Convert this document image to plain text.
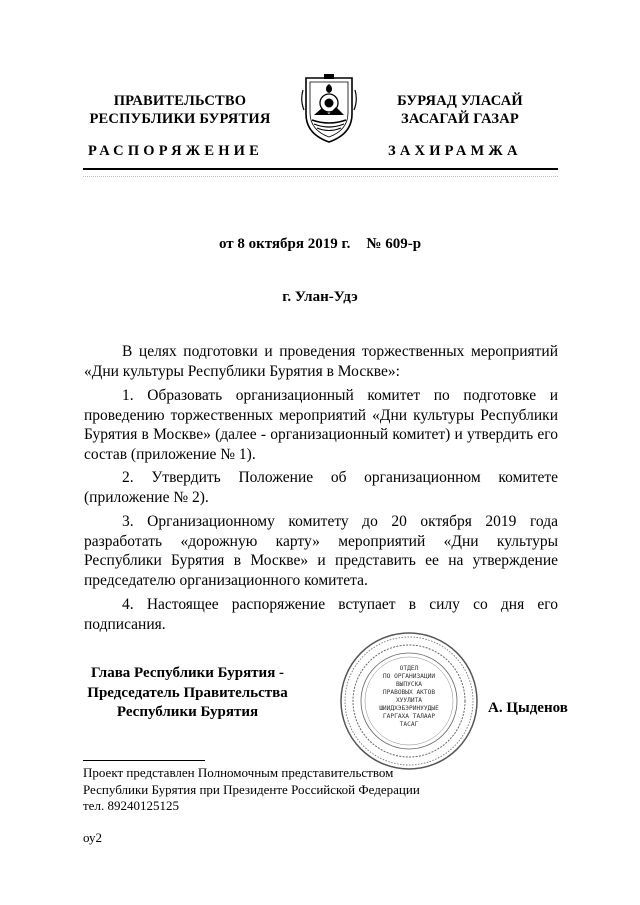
ПРАВИТЕЛЬСТВО
РЕСПУБЛИКИ БУРЯТИЯ
БУРЯАД УЛАСАЙ
ЗАСАГАЙ ГАЗАР
РАСПОРЯЖЕНИЕ	ЗАХИРАМЖА
от 8 октября 2019 г. № 609-р
г. Улан-Удэ

В целях подготовки и проведения торжественных мероприятий «Дни культуры Республики Бурятия в Москве»:

1. Образовать организационный комитет по подготовке и проведению торжественных мероприятий «Дни культуры Республики Бурятия в Москве» (далее - организационный комитет) и утвердить его состав (приложение № 1).

2. Утвердить Положение об организационном комитете (приложение № 2).

3. Организационному комитету до 20 октября 2019 года разработать «дорожную карту» мероприятий «Дни культуры Республики Бурятия в Москве» и представить ее на утверждение председателю организационного комитета.

4. Настоящее распоряжение вступает в силу со дня его подписания.

Глава Республики Бурятия -
Председатель Правительства
Республики Бурятия
ОТДЕЛ
ПО ОРГАНИЗАЦИИ
ВЫПУСКА
ПРАВОВЫХ АКТОВ
ХУУЛИТА
ШИИДХЭБЭРИНУУДЫЕ
ГАРГАХА ТАЛААР
ТАСАГ
А. Цыденов
Проект представлен Полномочным представительством
Республики Бурятия при Президенте Российской Федерации
тел. 89240125125
оу2
